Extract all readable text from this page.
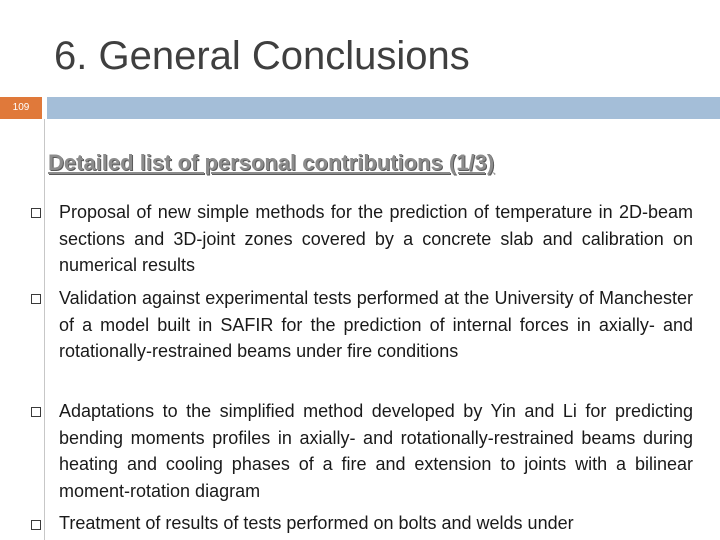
6. General Conclusions
109
Detailed list of personal contributions (1/3)
Proposal of new simple methods for the prediction of temperature in 2D-beam sections and 3D-joint zones covered by a concrete slab and calibration on numerical results
Validation against experimental tests performed at the University of Manchester of a model built in SAFIR for the prediction of internal forces in axially- and rotationally-restrained beams under fire conditions
Adaptations to the simplified method developed by Yin and Li for predicting bending moments profiles in axially- and rotationally-restrained beams during heating and cooling phases of a fire and extension to joints with a bilinear moment-rotation diagram
Treatment of results of tests performed on bolts and welds under
